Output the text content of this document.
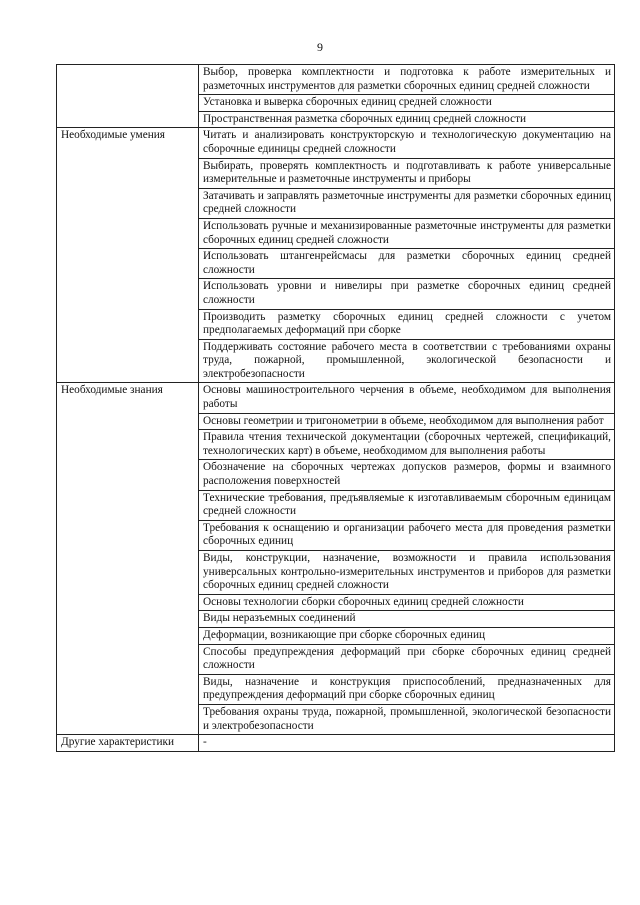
9
	Выбор, проверка комплектности и подготовка к работе измерительных и разметочных инструментов для разметки сборочных единиц средней сложности
	Установка и выверка сборочных единиц средней сложности
	Пространственная разметка сборочных единиц средней сложности
Необходимые умения	Читать и анализировать конструкторскую и технологическую документацию на сборочные единицы средней сложности
	Выбирать, проверять комплектность и подготавливать к работе универсальные измерительные и разметочные инструменты и приборы
	Затачивать и заправлять разметочные инструменты для разметки сборочных единиц средней сложности
	Использовать ручные и механизированные разметочные инструменты для разметки сборочных единиц средней сложности
	Использовать штангенрейсмасы для разметки сборочных единиц средней сложности
	Использовать уровни и нивелиры при разметке сборочных единиц средней сложности
	Производить разметку сборочных единиц средней сложности с учетом предполагаемых деформаций при сборке
	Поддерживать состояние рабочего места в соответствии с требованиями охраны труда, пожарной, промышленной, экологической безопасности и электробезопасности
Необходимые знания	Основы машиностроительного черчения в объеме, необходимом для выполнения работы
	Основы геометрии и тригонометрии в объеме, необходимом для выполнения работ
	Правила чтения технической документации (сборочных чертежей, спецификаций, технологических карт) в объеме, необходимом для выполнения работы
	Обозначение на сборочных чертежах допусков размеров, формы и взаимного расположения поверхностей
	Технические требования, предъявляемые к изготавливаемым сборочным единицам средней сложности
	Требования к оснащению и организации рабочего места для проведения разметки сборочных единиц
	Виды, конструкции, назначение, возможности и правила использования универсальных контрольно-измерительных инструментов и приборов для разметки сборочных единиц средней сложности
	Основы технологии сборки сборочных единиц средней сложности
	Виды неразъемных соединений
	Деформации, возникающие при сборке сборочных единиц
	Способы предупреждения деформаций при сборке сборочных единиц средней сложности
	Виды, назначение и конструкция приспособлений, предназначенных для предупреждения деформаций при сборке сборочных единиц
	Требования охраны труда, пожарной, промышленной, экологической безопасности и электробезопасности
Другие характеристики	-
